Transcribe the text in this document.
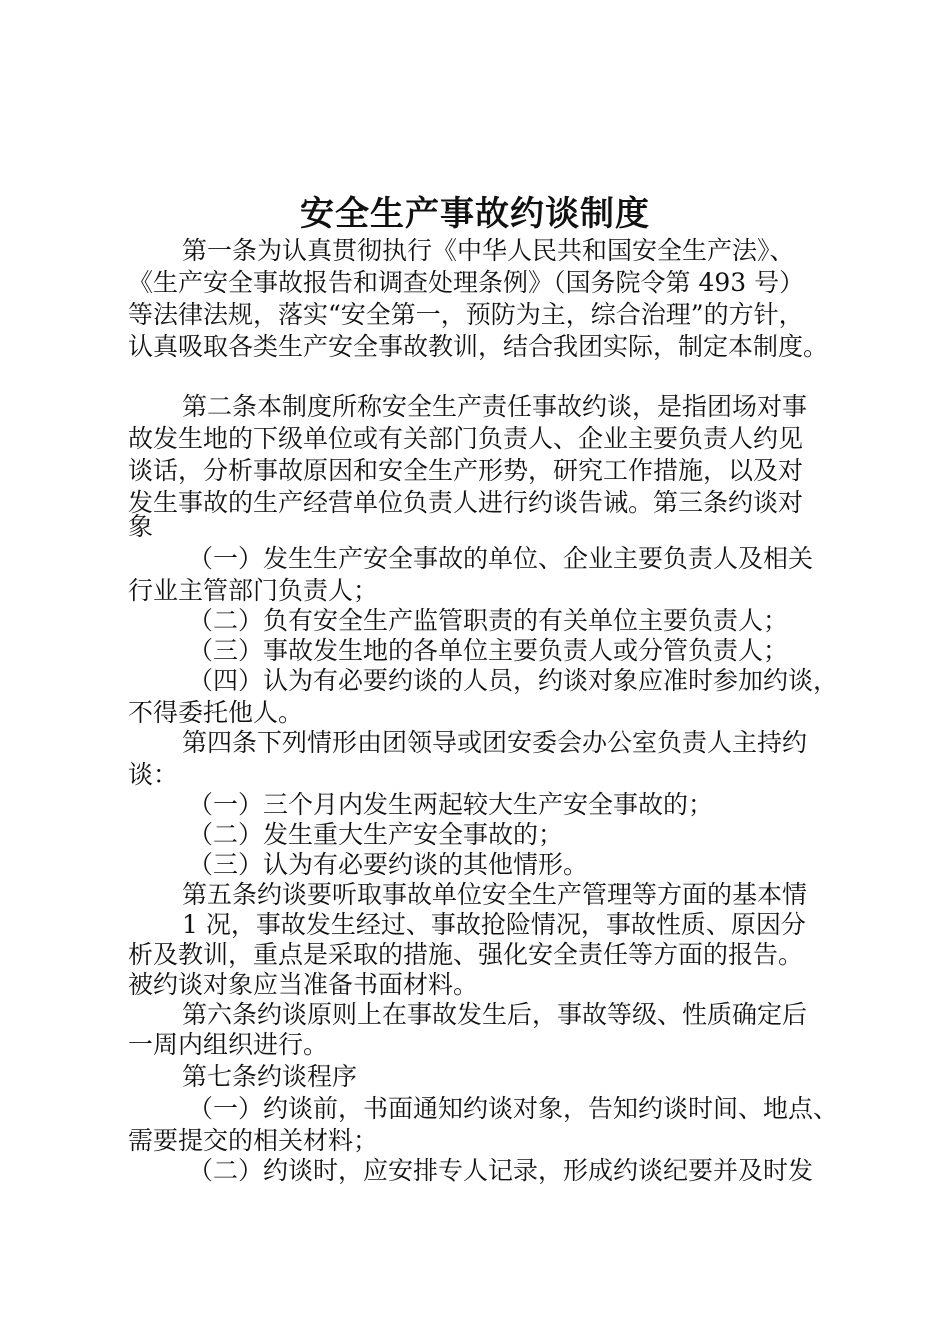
安全生产事故约谈制度
第一条为认真贯彻执行《中华人民共和国安全生产法》、
《生产安全事故报告和调查处理条例》（国务院令第 493 号）
等法律法规，落实“安全第一，预防为主，综合治理”的方针，
认真吸取各类生产安全事故教训，结合我团实际，制定本制度。
第二条本制度所称安全生产责任事故约谈，是指团场对事
故发生地的下级单位或有关部门负责人、企业主要负责人约见
谈话，分析事故原因和安全生产形势，研究工作措施，以及对
发生事故的生产经营单位负责人进行约谈告诫。第三条约谈对
象
（一）发生生产安全事故的单位、企业主要负责人及相关
行业主管部门负责人；
（二）负有安全生产监管职责的有关单位主要负责人；
（三）事故发生地的各单位主要负责人或分管负责人；
（四）认为有必要约谈的人员，约谈对象应准时参加约谈，
不得委托他人。
第四条下列情形由团领导或团安委会办公室负责人主持约
谈：
（一）三个月内发生两起较大生产安全事故的；
（二）发生重大生产安全事故的；
（三）认为有必要约谈的其他情形。
第五条约谈要听取事故单位安全生产管理等方面的基本情
1 况，事故发生经过、事故抢险情况，事故性质、原因分
析及教训，重点是采取的措施、强化安全责任等方面的报告。
被约谈对象应当准备书面材料。
第六条约谈原则上在事故发生后，事故等级、性质确定后
一周内组织进行。
第七条约谈程序
（一）约谈前，书面通知约谈对象，告知约谈时间、地点、
需要提交的相关材料；
（二）约谈时，应安排专人记录，形成约谈纪要并及时发
